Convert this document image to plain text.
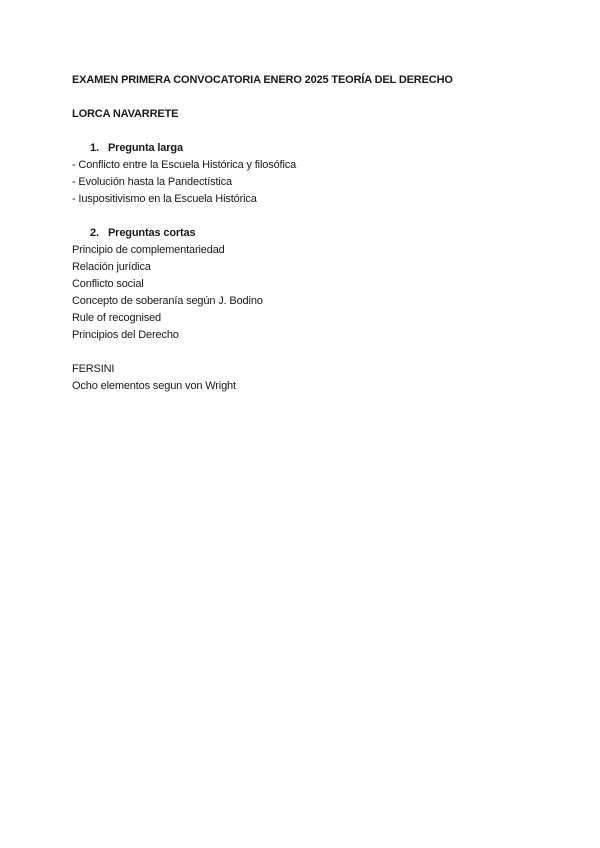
EXAMEN PRIMERA CONVOCATORIA ENERO 2025 TEORÍA DEL DERECHO
LORCA NAVARRETE
1. Pregunta larga
- Conflicto entre la Escuela Histórica y filosófica
- Evolución hasta la Pandectística
- Iuspositivismo en la Escuela Histórica
2. Preguntas cortas
Principio de complementariedad
Relación jurídica
Conflicto social
Concepto de soberanía según J. Bodino
Rule of recognised
Principios del Derecho
FERSINI
Ocho elementos segun von Wright
